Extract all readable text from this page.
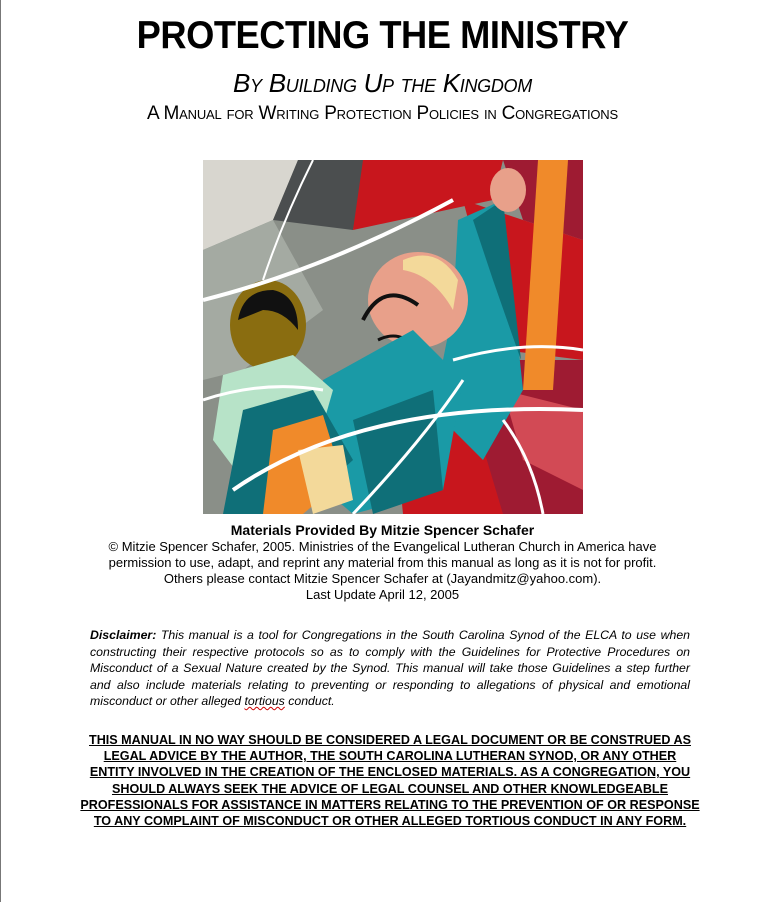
PROTECTING THE MINISTRY
By Building Up the Kingdom
A Manual for Writing Protection Policies in Congregations
Materials Provided By Mitzie Spencer Schafer
© Mitzie Spencer Schafer, 2005. Ministries of the Evangelical Lutheran Church in America have
permission to use, adapt, and reprint any material from this manual as long as it is not for profit.
Others please contact Mitzie Spencer Schafer at (Jayandmitz@yahoo.com).
Last Update April 12, 2005
Disclaimer: This manual is a tool for Congregations in the South Carolina Synod of the ELCA to use when constructing their respective protocols so as to comply with the Guidelines for Protective Procedures on Misconduct of a Sexual Nature created by the Synod. This manual will take those Guidelines a step further and also include materials relating to preventing or responding to allegations of physical and emotional misconduct or other alleged tortious conduct.
THIS MANUAL IN NO WAY SHOULD BE CONSIDERED A LEGAL DOCUMENT OR BE CONSTRUED AS LEGAL ADVICE BY THE AUTHOR, THE SOUTH CAROLINA LUTHERAN SYNOD, OR ANY OTHER ENTITY INVOLVED IN THE CREATION OF THE ENCLOSED MATERIALS. AS A CONGREGATION, YOU SHOULD ALWAYS SEEK THE ADVICE OF LEGAL COUNSEL AND OTHER KNOWLEDGEABLE PROFESSIONALS FOR ASSISTANCE IN MATTERS RELATING TO THE PREVENTION OF OR RESPONSE TO ANY COMPLAINT OF MISCONDUCT OR OTHER ALLEGED TORTIOUS CONDUCT IN ANY FORM.
